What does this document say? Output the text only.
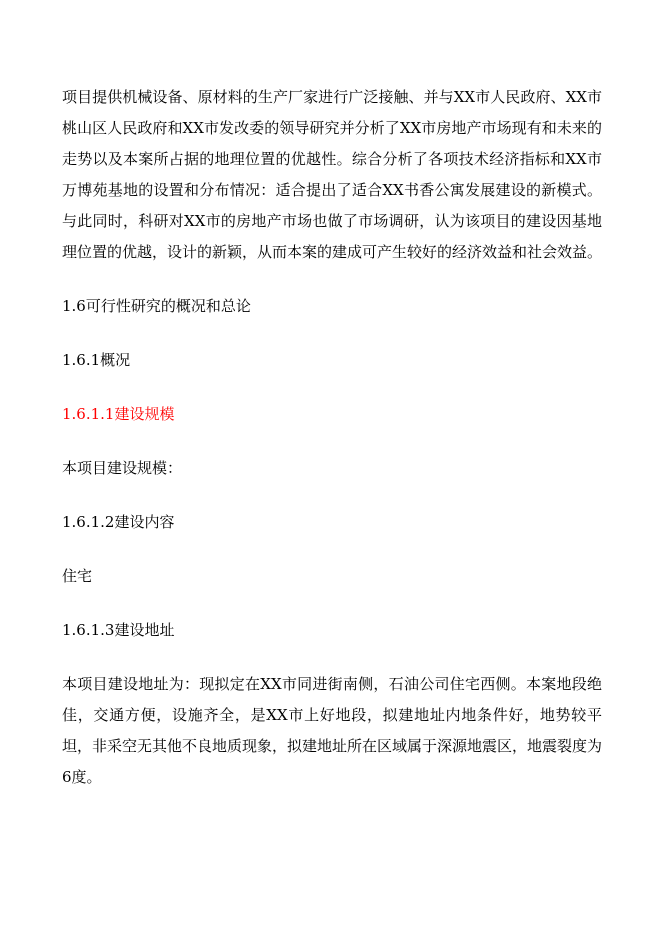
项目提供机械设备、原材料的生产厂家进行广泛接触、并与XX市人民政府、XX市桃山区人民政府和XX市发改委的领导研究并分析了XX市房地产市场现有和未来的走势以及本案所占据的地理位置的优越性。综合分析了各项技术经济指标和XX市万博苑基地的设置和分布情况：适合提出了适合XX书香公寓发展建设的新模式。与此同时，科研对XX市的房地产市场也做了市场调研，认为该项目的建设因基地理位置的优越，设计的新颖，从而本案的建成可产生较好的经济效益和社会效益。

1.6可行性研究的概况和总论

1.6.1概况

1.6.1.1建设规模

本项目建设规模：

1.6.1.2建设内容

住宅

1.6.1.3建设地址

本项目建设地址为：现拟定在XX市同进街南侧，石油公司住宅西侧。本案地段绝佳，交通方便，设施齐全，是XX市上好地段，拟建地址内地条件好，地势较平坦，非采空无其他不良地质现象，拟建地址所在区域属于深源地震区，地震裂度为6度。
